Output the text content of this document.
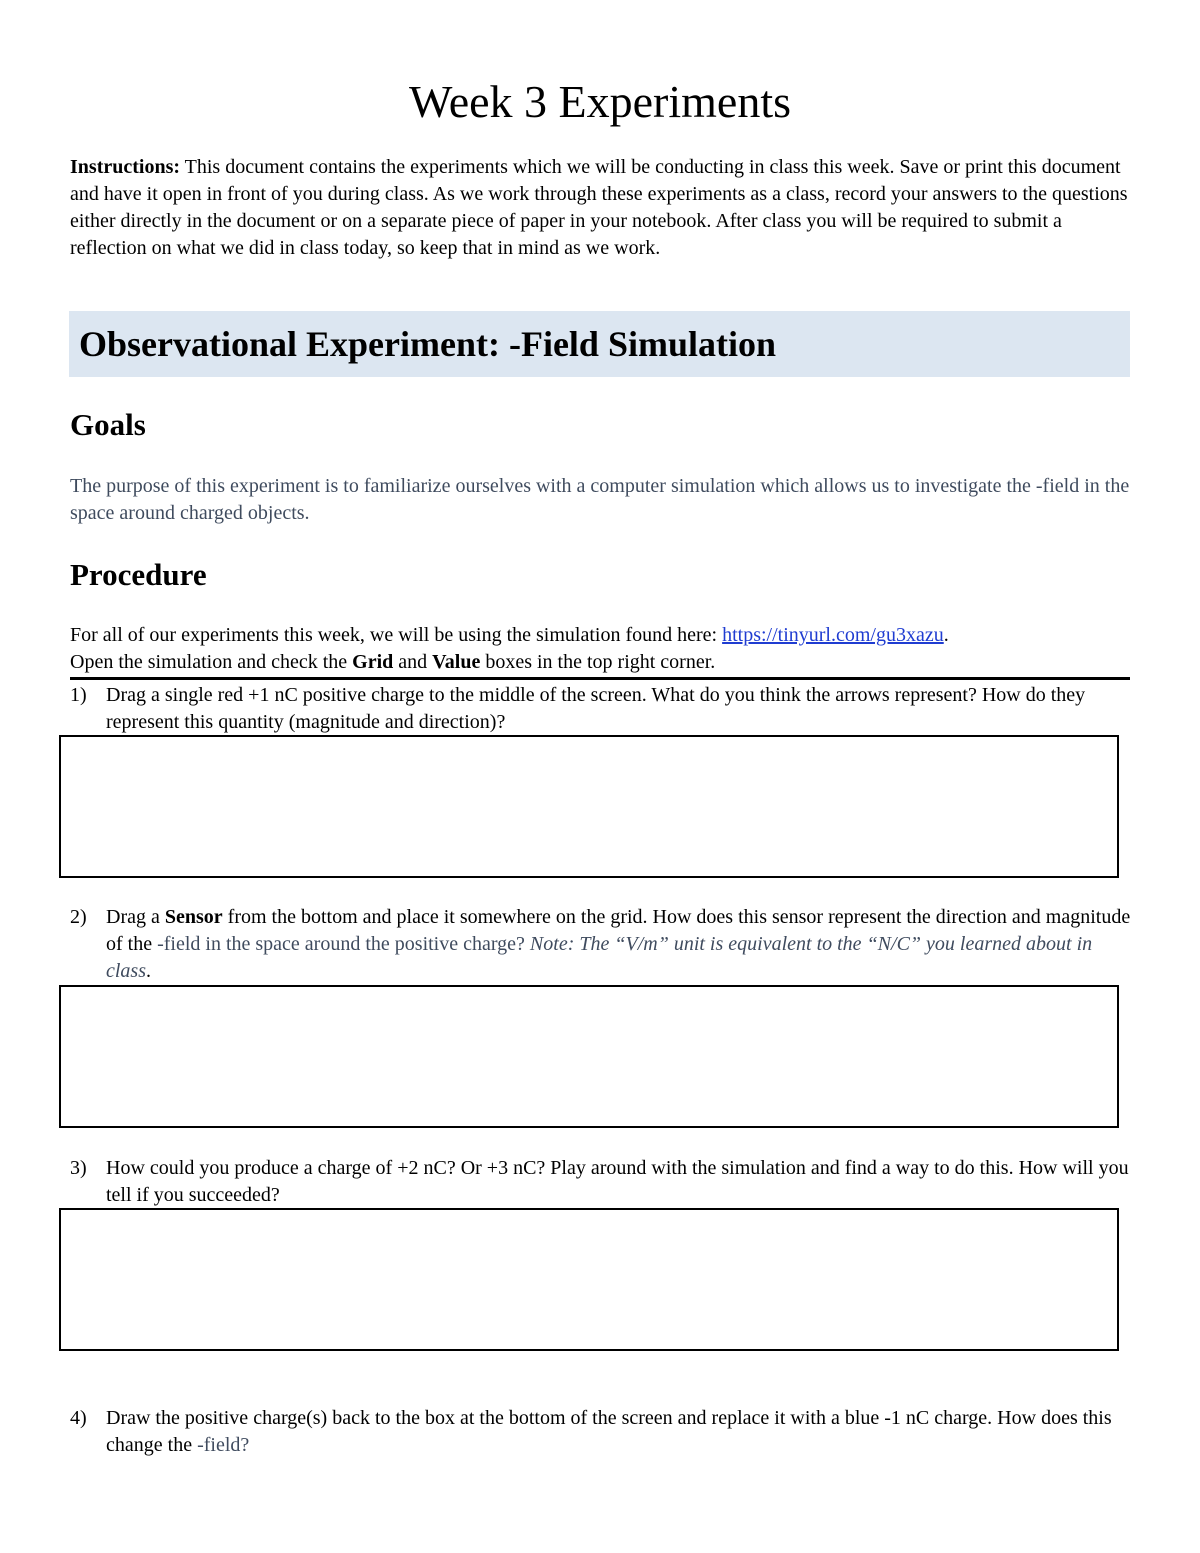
Week 3 Experiments
Instructions: This document contains the experiments which we will be conducting in class this week. Save or print this document and have it open in front of you during class. As we work through these experiments as a class, record your answers to the questions either directly in the document or on a separate piece of paper in your notebook. After class you will be required to submit a reflection on what we did in class today, so keep that in mind as we work.
Observational Experiment: -Field Simulation
Goals
The purpose of this experiment is to familiarize ourselves with a computer simulation which allows us to investigate the -field in the space around charged objects.
Procedure
For all of our experiments this week, we will be using the simulation found here: https://tinyurl.com/gu3xazu.
Open the simulation and check the Grid and Value boxes in the top right corner.
1) Drag a single red +1 nC positive charge to the middle of the screen. What do you think the arrows represent? How do they represent this quantity (magnitude and direction)?
2) Drag a Sensor from the bottom and place it somewhere on the grid. How does this sensor represent the direction and magnitude of the -field in the space around the positive charge? Note: The “V/m” unit is equivalent to the “N/C” you learned about in class.
3) How could you produce a charge of +2 nC? Or +3 nC? Play around with the simulation and find a way to do this. How will you tell if you succeeded?
4) Draw the positive charge(s) back to the box at the bottom of the screen and replace it with a blue -1 nC charge. How does this change the -field?
